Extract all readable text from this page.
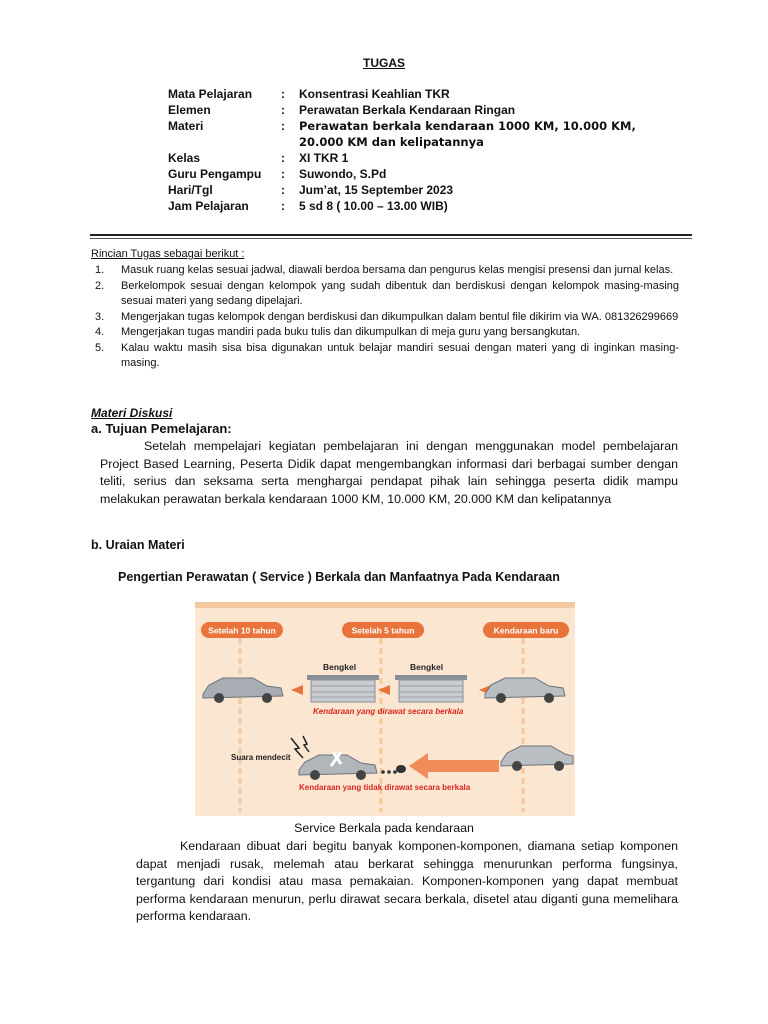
TUGAS
Mata Pelajaran	:	Konsentrasi Keahlian TKR
Elemen	:	Perawatan Berkala Kendaraan Ringan
Materi	:	Perawatan berkala kendaraan 1000 KM, 10.000 KM, 20.000 KM dan kelipatannya
Kelas	:	XI TKR 1
Guru Pengampu	:	Suwondo, S.Pd
Hari/Tgl	:	Jum’at, 15 September 2023
Jam Pelajaran	:	5 sd 8 ( 10.00 – 13.00 WIB)
Rincian Tugas sebagai berikut :
1.	Masuk ruang kelas sesuai jadwal, diawali berdoa bersama dan pengurus kelas mengisi presensi dan jurnal kelas.
2.	Berkelompok sesuai dengan kelompok yang sudah dibentuk dan berdiskusi dengan kelompok masing-masing sesuai materi yang sedang dipelajari.
3.	Mengerjakan tugas kelompok dengan berdiskusi dan dikumpulkan dalam bentul file dikirim via WA. 081326299669
4.	Mengerjakan tugas mandiri pada buku tulis dan dikumpulkan di meja guru yang bersangkutan.
5.	Kalau waktu masih sisa bisa digunakan untuk belajar mandiri sesuai dengan materi yang di inginkan masing-masing.
Materi Diskusi
a. Tujuan Pemelajaran:
Setelah mempelajari kegiatan pembelajaran ini dengan menggunakan model pembelajaran Project Based Learning, Peserta Didik dapat mengembangkan informasi dari berbagai sumber dengan teliti, serius dan seksama serta menghargai pendapat pihak lain sehingga peserta didik mampu melakukan perawatan berkala kendaraan 1000 KM, 10.000 KM, 20.000 KM dan kelipatannya
b. Uraian Materi
Pengertian Perawatan ( Service ) Berkala dan Manfaatnya Pada Kendaraan
Setelah 10 tahun	Setelah 5 tahun	Kendaraan baru
Bengkel	Bengkel
Kendaraan yang dirawat secara berkala
Suara mendecit
Kendaraan yang tidak dirawat secara berkala
Service Berkala pada kendaraan
Kendaraan dibuat dari begitu banyak komponen-komponen, diamana setiap komponen dapat menjadi rusak, melemah atau berkarat sehingga menurunkan performa fungsinya, tergantung dari kondisi atau masa pemakaian. Komponen-komponen yang dapat membuat performa kendaraan menurun, perlu dirawat secara berkala, disetel atau diganti guna memelihara performa kendaraan.
